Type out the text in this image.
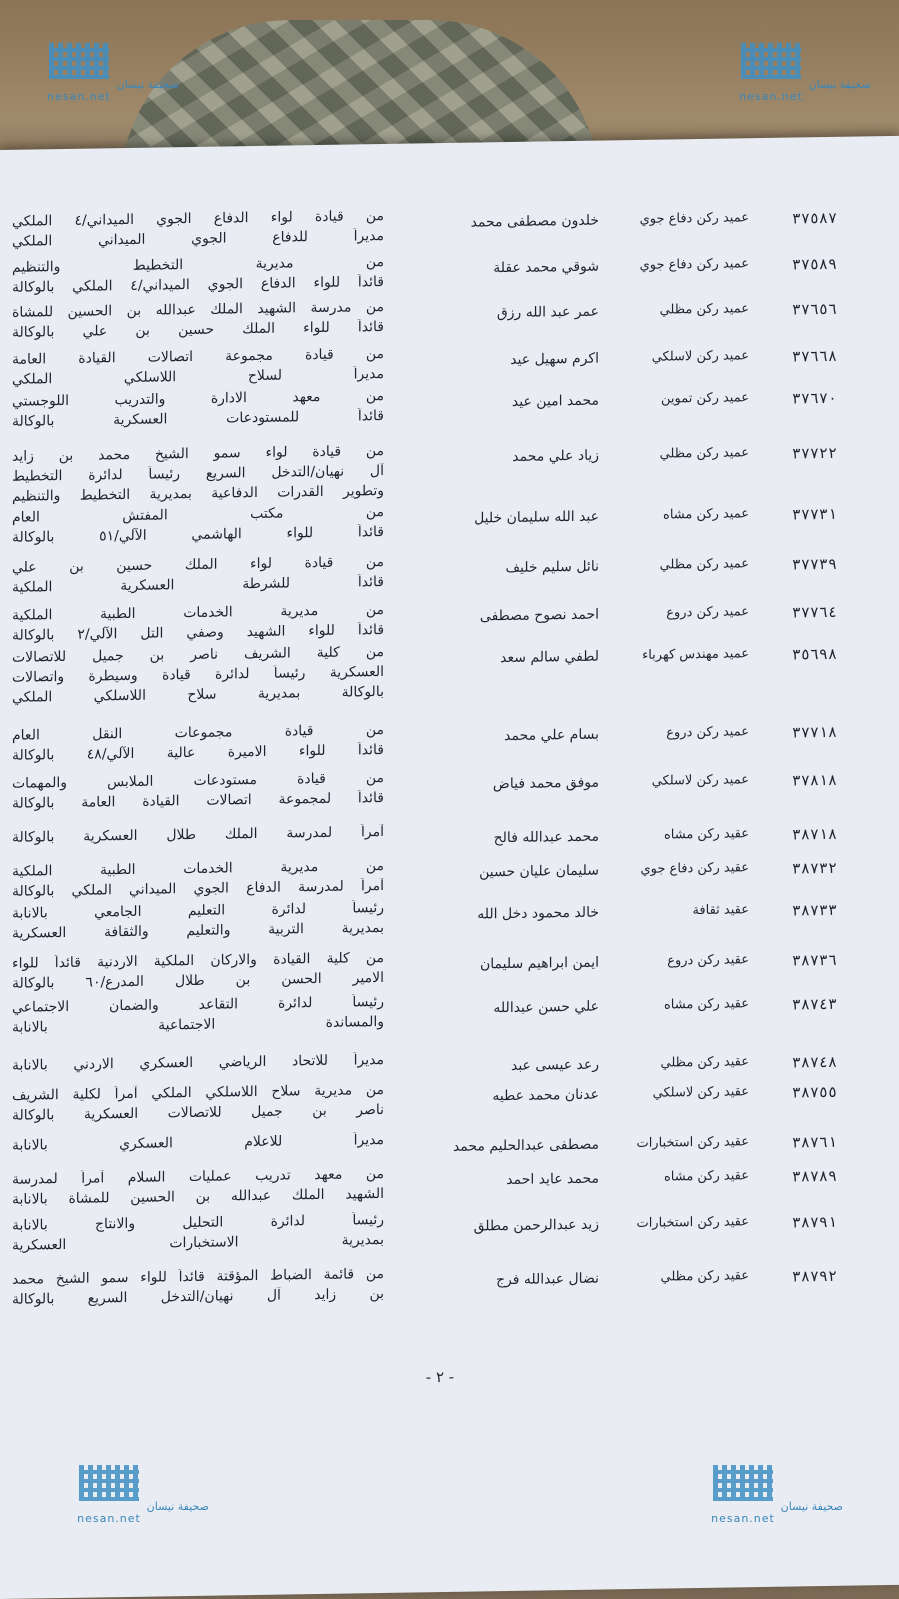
٣٧٥٨٧
عميد ركن دفاع جوي
خلدون مصطفى محمد
من قيادة لواء الدفاع الجوي الميداني/٤ الملكي
مديراً للدفاع الجوي الميداني الملكي
٣٧٥٨٩
عميد ركن دفاع جوي
شوقي محمد عقلة
من مديرية التخطيط والتنظيم
قائداً للواء الدفاع الجوي الميداني/٤ الملكي بالوكالة
٣٧٦٥٦
عميد ركن مظلي
عمر عبد الله رزق
من مدرسة الشهيد الملك عبدالله بن الحسين للمشاة
قائداً للواء الملك حسين بن علي بالوكالة
٣٧٦٦٨
عميد ركن لاسلكي
اكرم سهيل عيد
من قيادة مجموعة اتصالات القيادة العامة
مديراً لسلاح اللاسلكي الملكي
٣٧٦٧٠
عميد ركن تموين
محمد امين عيد
من معهد الادارة والتدريب اللوجستي
قائداً للمستودعات العسكرية بالوكالة
٣٧٧٢٢
عميد ركن مظلي
زياد علي محمد
من قيادة لواء سمو الشيخ محمد بن زايد
آل نهيان/التدخل السريع رئيساً لدائرة التخطيط
وتطوير القدرات الدفاعية بمديرية التخطيط والتنظيم
٣٧٧٣١
عميد ركن مشاه
عبد الله سليمان خليل
من مكتب المفتش العام
قائداً للواء الهاشمي الآلي/٥١ بالوكالة
٣٧٧٣٩
عميد ركن مظلي
نائل سليم خليف
من قيادة لواء الملك حسين بن علي
قائداً للشرطة العسكرية الملكية
٣٧٧٦٤
عميد ركن دروع
احمد نصوح مصطفى
من مديرية الخدمات الطبية الملكية
قائداً للواء الشهيد وصفي التل الآلي/٢ بالوكالة
٣٥٦٩٨
عميد مهندس كهرباء
لطفي سالم سعد
من كلية الشريف ناصر بن جميل للاتصالات
العسكرية رئيساً لدائرة قيادة وسيطرة واتصالات
بالوكالة بمديرية سلاح اللاسلكي الملكي
٣٧٧١٨
عميد ركن دروع
بسام علي محمد
من قيادة مجموعات النقل العام
قائداً للواء الاميرة عالية الآلي/٤٨ بالوكالة
٣٧٨١٨
عميد ركن لاسلكي
موفق محمد فياض
من قيادة مستودعات الملابس والمهمات
قائداً لمجموعة اتصالات القيادة العامة بالوكالة
٣٨٧١٨
عقيد ركن مشاه
محمد عبدالله فالح
آمراً لمدرسة الملك طلال العسكرية بالوكالة
٣٨٧٣٢
عقيد ركن دفاع جوي
سليمان عليان حسين
من مديرية الخدمات الطبية الملكية
آمراً لمدرسة الدفاع الجوي الميداني الملكي بالوكالة
٣٨٧٣٣
عقيد ثقافة
خالد محمود دخل الله
رئيساً لدائرة التعليم الجامعي بالانابة
بمديرية التربية والتعليم والثقافة العسكرية
٣٨٧٣٦
عقيد ركن دروع
ايمن ابراهيم سليمان
من كلية القيادة والاركان الملكية الاردنية قائداً للواء
الامير الحسن بن طلال المدرع/٦٠ بالوكالة
٣٨٧٤٣
عقيد ركن مشاه
علي حسن عبدالله
رئيساً لدائرة التقاعد والضمان الاجتماعي
والمساندة الاجتماعية بالانابة
٣٨٧٤٨
عقيد ركن مظلي
رعد عيسى عبد
مديراً للاتحاد الرياضي العسكري الاردني بالانابة
٣٨٧٥٥
عقيد ركن لاسلكي
عدنان محمد عطيه
من مديرية سلاح اللاسلكي الملكي آمراً لكلية الشريف
ناصر بن جميل للاتصالات العسكرية بالوكالة
٣٨٧٦١
عقيد ركن استخبارات
مصطفى عبدالحليم محمد
مديراً للاعلام العسكري بالانابة
٣٨٧٨٩
عقيد ركن مشاه
محمد عايد احمد
من معهد تدريب عمليات السلام آمراً لمدرسة
الشهيد الملك عبدالله بن الحسين للمشاة بالانابة
٣٨٧٩١
عقيد ركن استخبارات
زيد عبدالرحمن مطلق
رئيساً لدائرة التحليل والانتاج بالانابة
بمديرية الاستخبارات العسكرية
٣٨٧٩٢
عقيد ركن مظلي
نضال عبدالله فرج
من قائمة الضباط المؤقتة قائداً للواء سمو الشيخ محمد
بن زايد آل نهيان/التدخل السريع بالوكالة
- ٢ -
صحيفة نيسان
nesan.net
صحيفة نيسان
nesan.net
صحيفة نيسان
nesan.net
صحيفة نيسان
nesan.net
